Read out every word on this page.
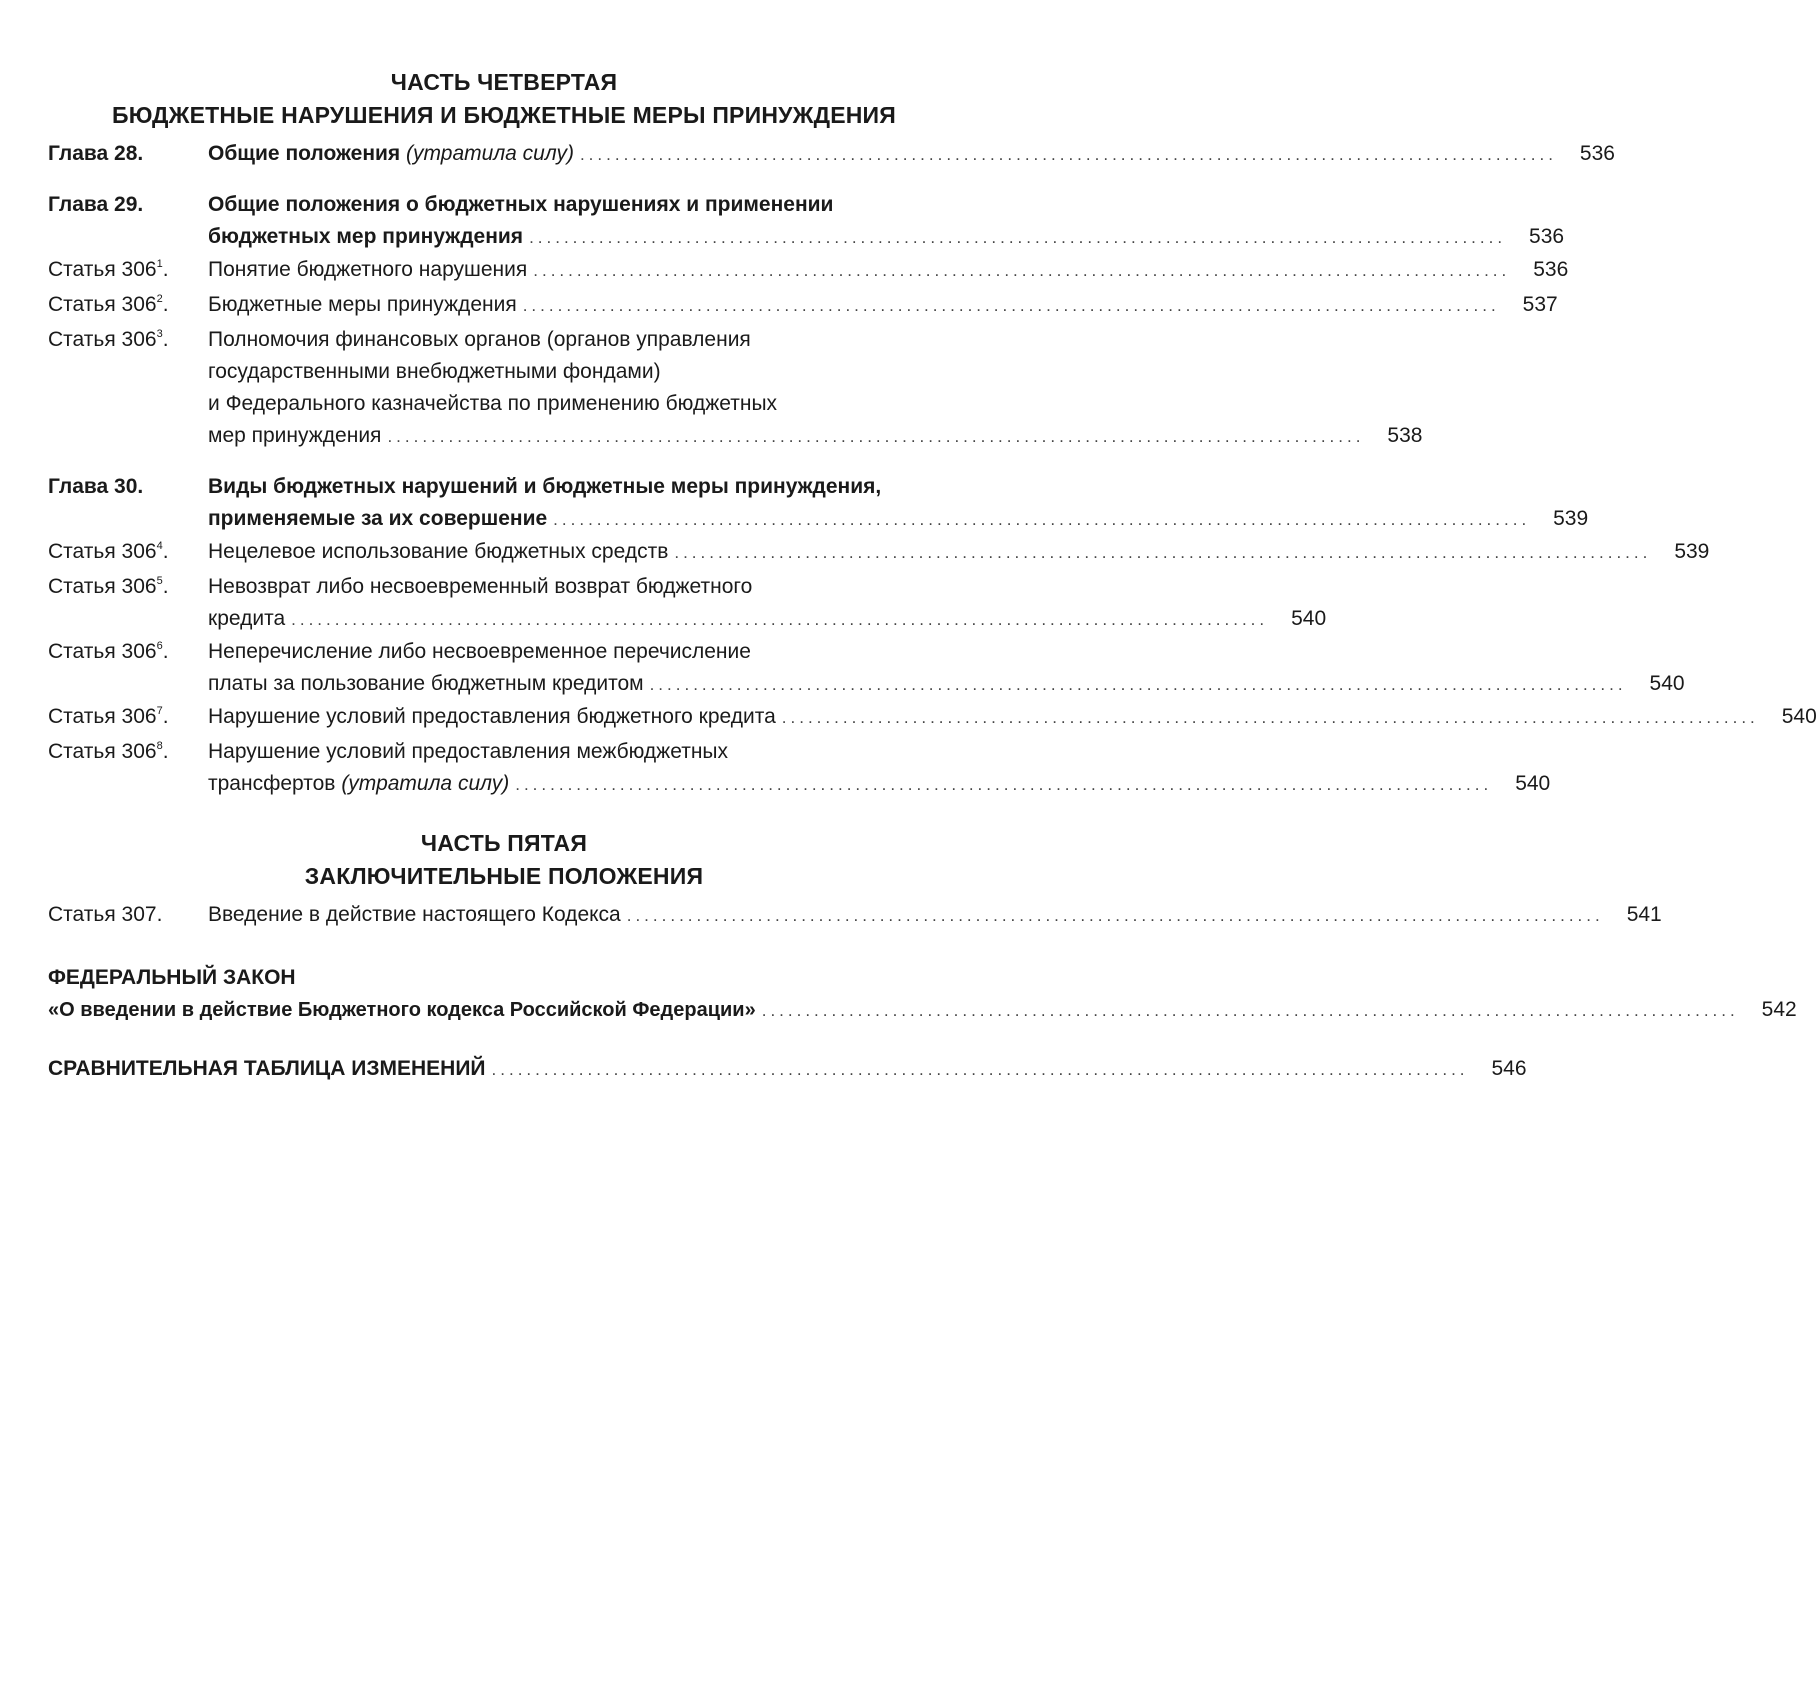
ЧАСТЬ ЧЕТВЕРТАЯ
БЮДЖЕТНЫЕ НАРУШЕНИЯ И БЮДЖЕТНЫЕ МЕРЫ ПРИНУЖДЕНИЯ
Глава 28.	Общие положения (утратила силу) ................................................................................................................	536
Глава 29.	Общие положения о бюджетных нарушениях и применении
бюджетных мер принуждения ................................................................................................................	536
Статья $306^1$.	Понятие бюджетного нарушения ................................................................................................................	536
Статья $306^2$.	Бюджетные меры принуждения ................................................................................................................	537
Статья $306^3$.	Полномочия финансовых органов (органов управления
государственными внебюджетными фондами)
и Федерального казначейства по применению бюджетных
мер принуждения ................................................................................................................	538
Глава 30.	Виды бюджетных нарушений и бюджетные меры принуждения,
применяемые за их совершение ................................................................................................................	539
Статья $306^4$.	Нецелевое использование бюджетных средств ................................................................................................................	539
Статья $306^5$.	Невозврат либо несвоевременный возврат бюджетного
кредита ................................................................................................................	540
Статья $306^6$.	Неперечисление либо несвоевременное перечисление
платы за пользование бюджетным кредитом ................................................................................................................	540
Статья $306^7$.	Нарушение условий предоставления бюджетного кредита ................................................................................................................	540
Статья $306^8$.	Нарушение условий предоставления межбюджетных
трансфертов (утратила силу) ................................................................................................................	540
ЧАСТЬ ПЯТАЯ
ЗАКЛЮЧИТЕЛЬНЫЕ ПОЛОЖЕНИЯ
Статья 307.	Введение в действие настоящего Кодекса ................................................................................................................	541
ФЕДЕРАЛЬНЫЙ ЗАКОН
«О введении в действие Бюджетного кодекса Российской Федерации» ................................................................................................................	542
СРАВНИТЕЛЬНАЯ ТАБЛИЦА ИЗМЕНЕНИЙ ................................................................................................................	546
